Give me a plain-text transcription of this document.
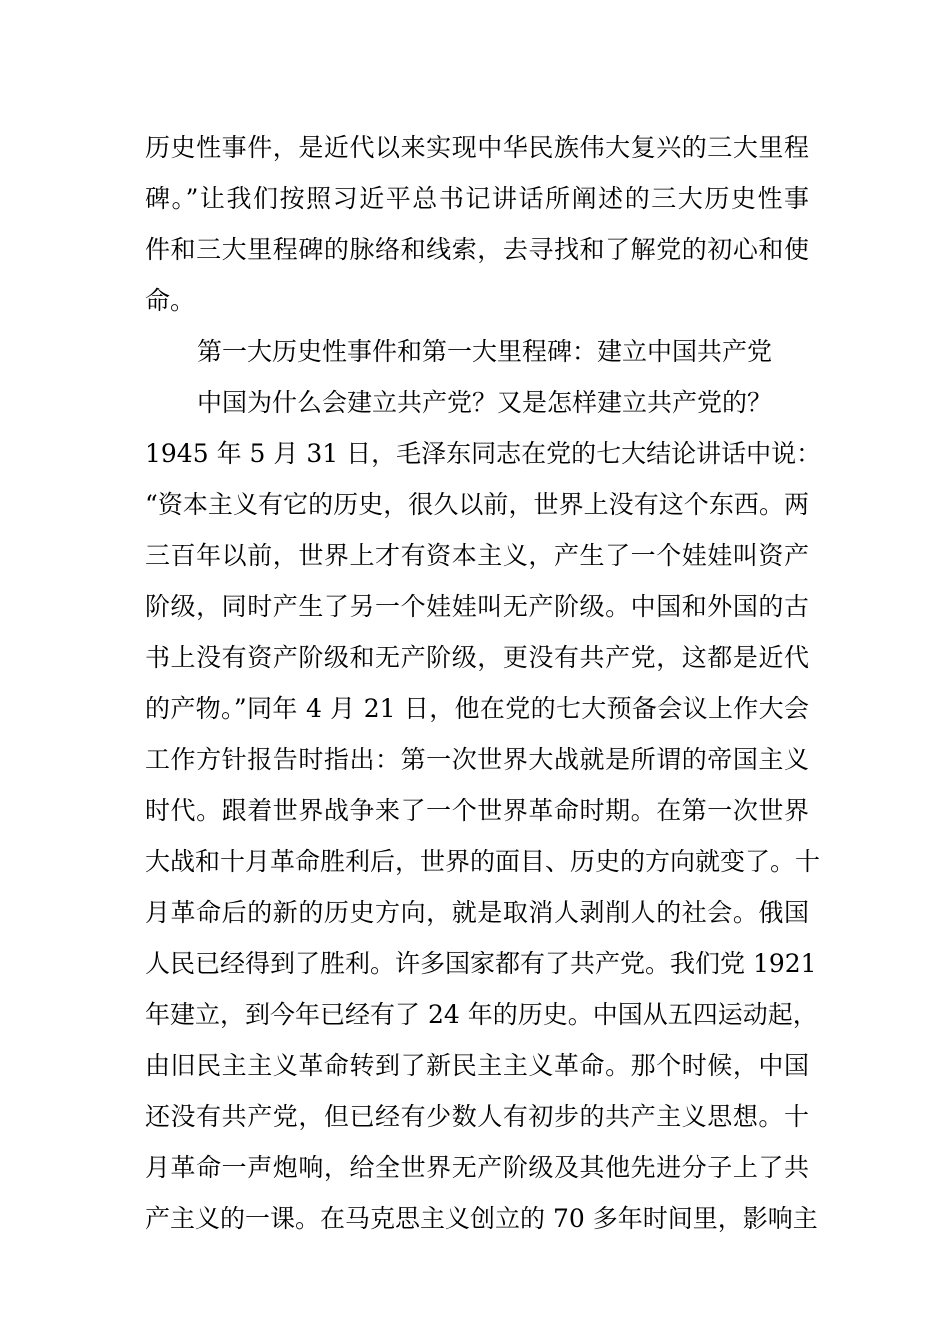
历史性事件，是近代以来实现中华民族伟大复兴的三大里程
碑。”让我们按照习近平总书记讲话所阐述的三大历史性事
件和三大里程碑的脉络和线索，去寻找和了解党的初心和使
命。
第一大历史性事件和第一大里程碑：建立中国共产党
中国为什么会建立共产党？又是怎样建立共产党的？
1945 年 5 月 31 日，毛泽东同志在党的七大结论讲话中说：
“资本主义有它的历史，很久以前，世界上没有这个东西。两
三百年以前，世界上才有资本主义，产生了一个娃娃叫资产
阶级，同时产生了另一个娃娃叫无产阶级。中国和外国的古
书上没有资产阶级和无产阶级，更没有共产党，这都是近代
的产物。”同年 4 月 21 日，他在党的七大预备会议上作大会
工作方针报告时指出：第一次世界大战就是所谓的帝国主义
时代。跟着世界战争来了一个世界革命时期。在第一次世界
大战和十月革命胜利后，世界的面目、历史的方向就变了。十
月革命后的新的历史方向，就是取消人剥削人的社会。俄国
人民已经得到了胜利。许多国家都有了共产党。我们党 1921
年建立，到今年已经有了 24 年的历史。中国从五四运动起，
由旧民主主义革命转到了新民主主义革命。那个时候，中国
还没有共产党，但已经有少数人有初步的共产主义思想。十
月革命一声炮响，给全世界无产阶级及其他先进分子上了共
产主义的一课。在马克思主义创立的 70 多年时间里，影响主
